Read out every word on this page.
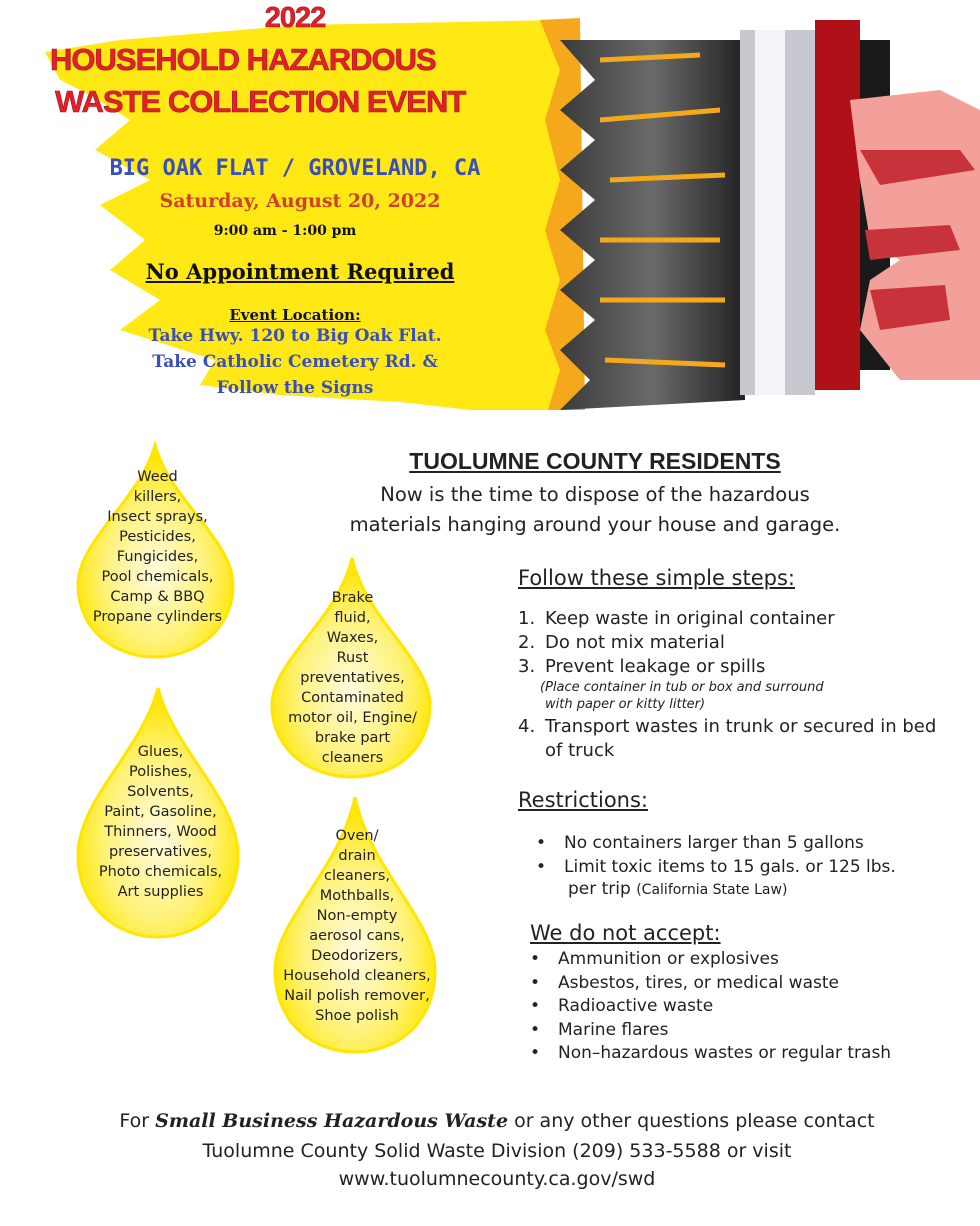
2022
HOUSEHOLD HAZARDOUS
WASTE COLLECTION EVENT
BIG OAK FLAT / GROVELAND, CA
Saturday, August 20, 2022
9:00 am - 1:00 pm
No Appointment Required
Event Location:
Take Hwy. 120 to Big Oak Flat.
Take Catholic Cemetery Rd. &
Follow the Signs
Weed
killers,
Insect sprays,
Pesticides,
Fungicides,
Pool chemicals,
Camp & BBQ
Propane cylinders
Brake
fluid,
Waxes,
Rust
preventatives,
Contaminated
motor oil, Engine/
brake part
cleaners
Glues,
Polishes,
Solvents,
Paint, Gasoline,
Thinners, Wood
preservatives,
Photo chemicals,
Art supplies
Oven/
drain
cleaners,
Mothballs,
Non-empty
aerosol cans,
Deodorizers,
Household cleaners,
Nail polish remover,
Shoe polish
TUOLUMNE COUNTY RESIDENTS
Now is the time to dispose of the hazardous
materials hanging around your house and garage.
Follow these simple steps:
1. Keep waste in original container
2. Do not mix material
3. Prevent leakage or spills
(Place container in tub or box and surround
with paper or kitty litter)
4. Transport wastes in trunk or secured in bed
of truck
Restrictions:
• No containers larger than 5 gallons
• Limit toxic items to 15 gals. or 125 lbs.
per trip (California State Law)
We do not accept:
• Ammunition or explosives
• Asbestos, tires, or medical waste
• Radioactive waste
• Marine flares
• Non–hazardous wastes or regular trash
For Small Business Hazardous Waste or any other questions please contact
Tuolumne County Solid Waste Division (209) 533-5588 or visit
www.tuolumnecounty.ca.gov/swd
